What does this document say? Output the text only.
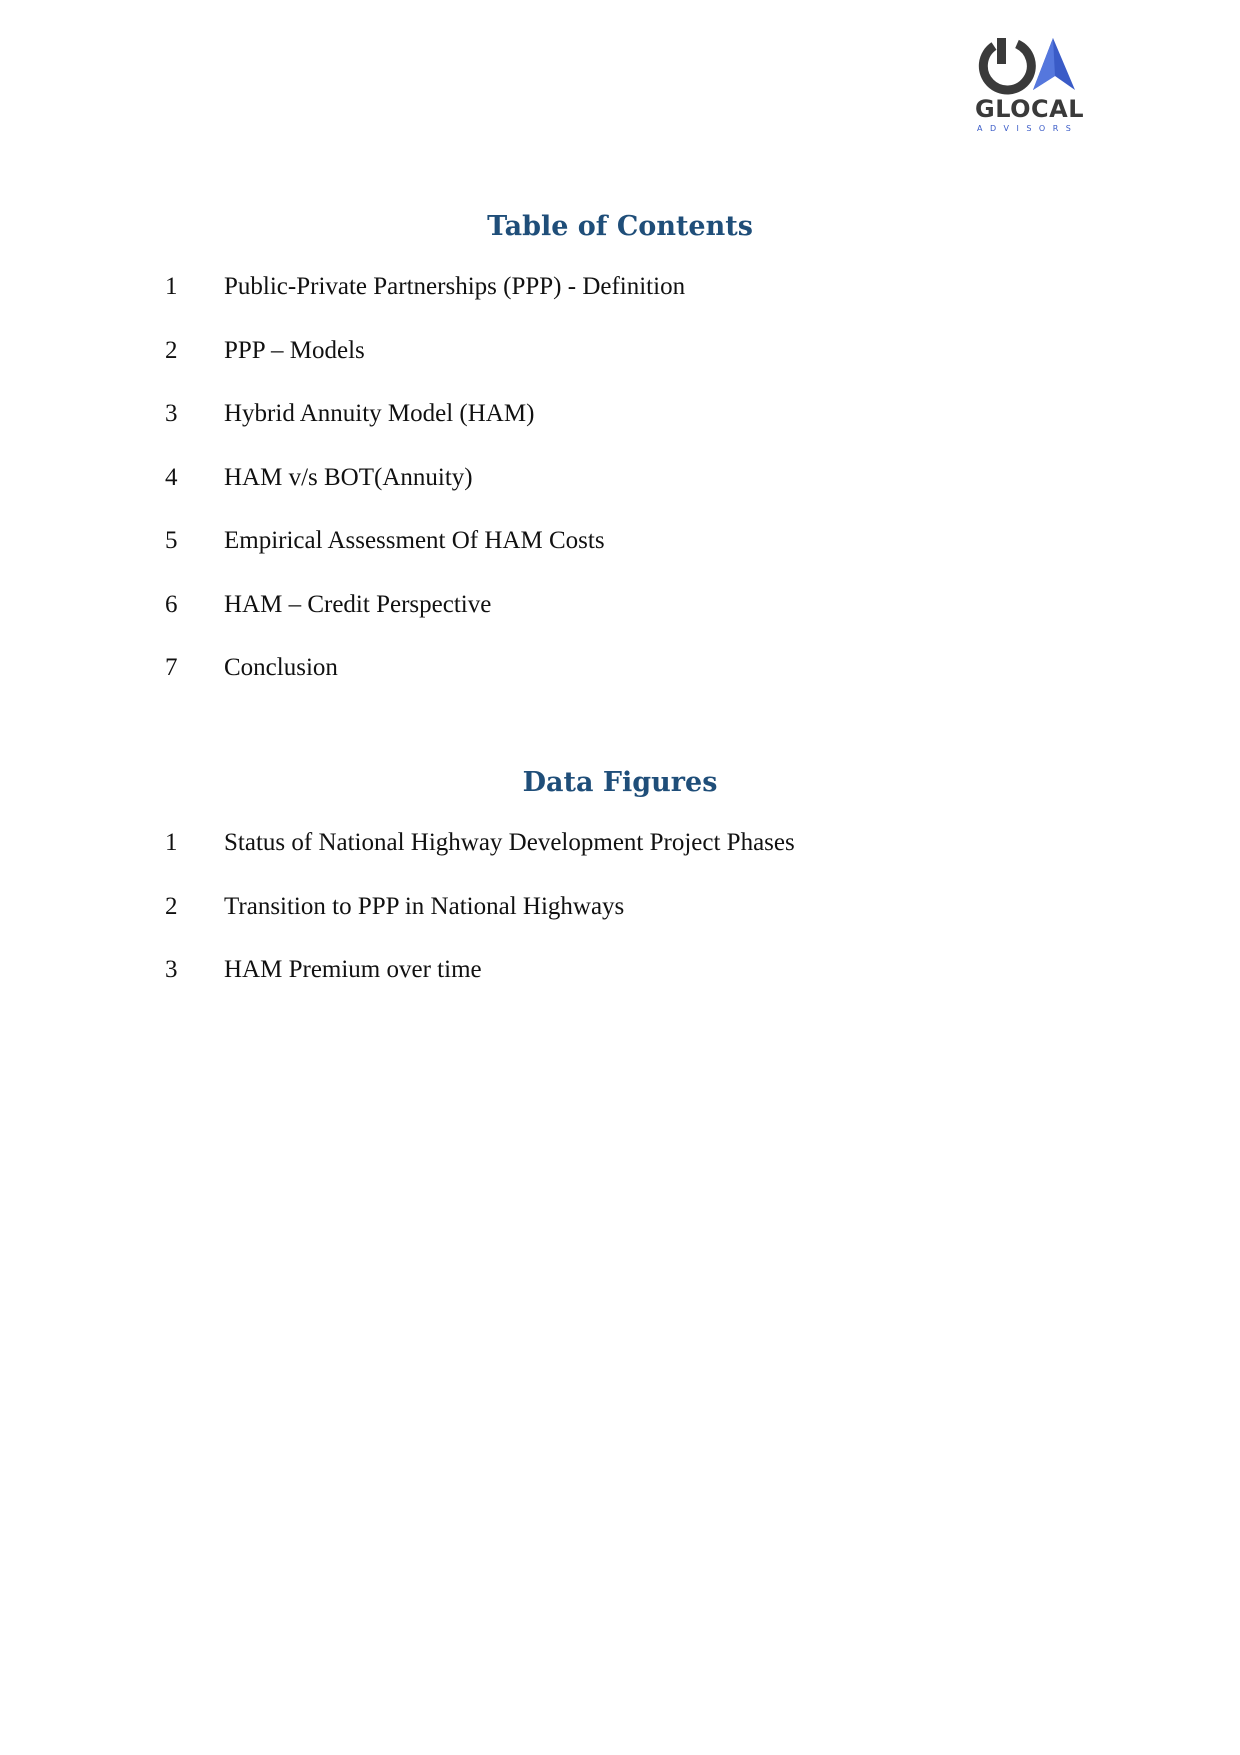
GLOCAL
ADVISORS
Table of Contents
1 Public-Private Partnerships (PPP) - Definition
2 PPP – Models
3 Hybrid Annuity Model (HAM)
4 HAM v/s BOT(Annuity)
5 Empirical Assessment Of HAM Costs
6 HAM – Credit Perspective
7 Conclusion
Data Figures
1 Status of National Highway Development Project Phases
2 Transition to PPP in National Highways
3 HAM Premium over time
